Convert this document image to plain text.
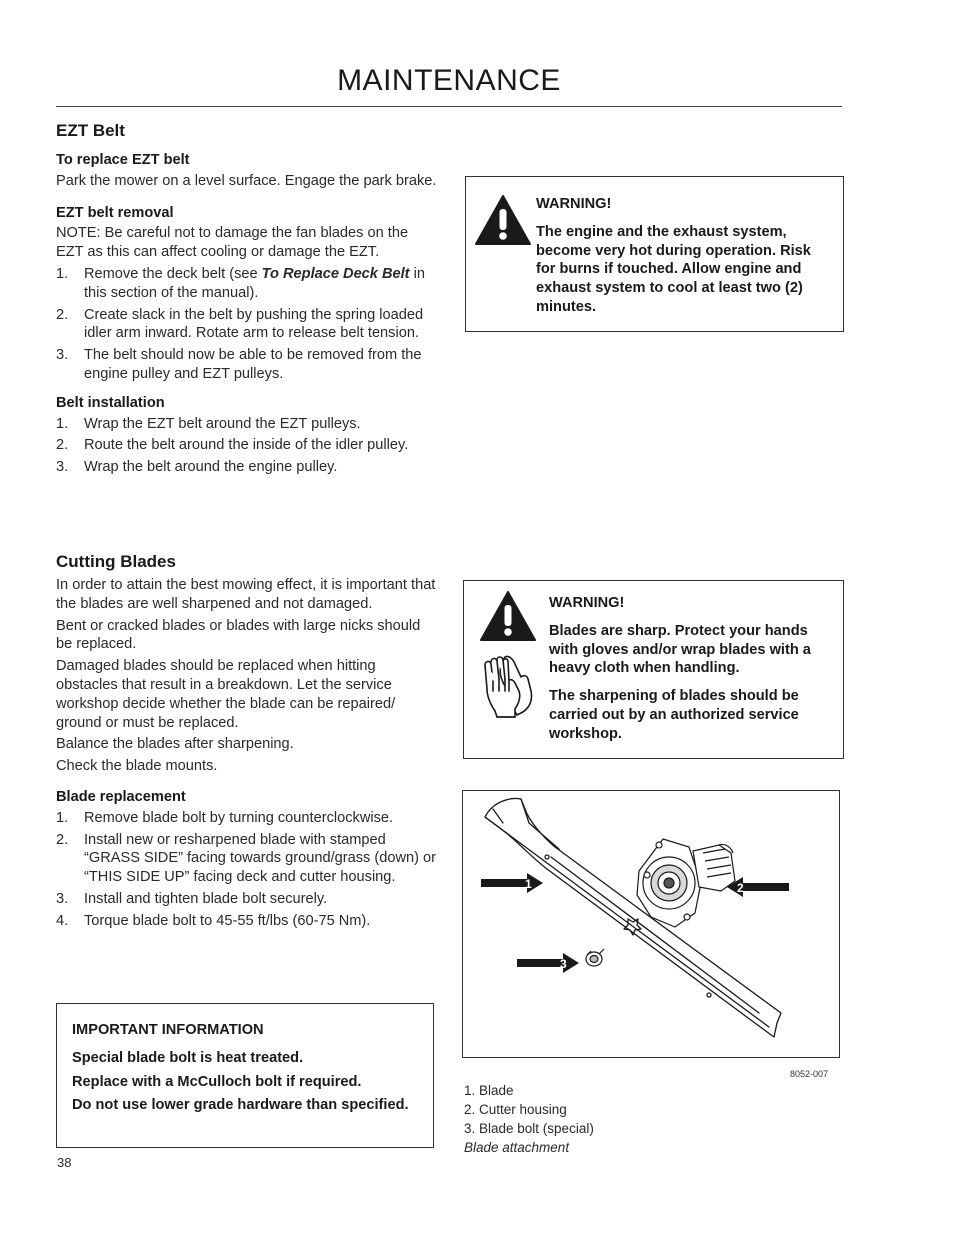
MAINTENANCE
EZT Belt
To replace EZT belt

Park the mower on a level surface. Engage the park brake.

EZT belt removal

NOTE: Be careful not to damage the fan blades on the EZT as this can affect cooling or damage the EZT.

1. Remove the deck belt (see To Replace Deck Belt in this section of the manual).
2. Create slack in the belt by pushing the spring loaded idler arm inward. Rotate arm to release belt tension.
3. The belt should now be able to be removed from the engine pulley and EZT pulleys.
Belt installation
1. Wrap the EZT belt around the EZT pulleys.
2. Route the belt around the inside of the idler pulley.
3. Wrap the belt around the engine pulley.
Cutting Blades

In order to attain the best mowing effect, it is important that the blades are well sharpened and not damaged.

Bent or cracked blades or blades with large nicks should be replaced.

Damaged blades should be replaced when hitting obstacles that result in a breakdown. Let the service workshop decide whether the blade can be repaired/ ground or must be replaced.

Balance the blades after sharpening.

Check the blade mounts.

Blade replacement
1. Remove blade bolt by turning counterclockwise.
2. Install new or resharpened blade with stamped “GRASS SIDE” facing towards ground/grass (down) or “THIS SIDE UP” facing deck and cutter housing.
3. Install and tighten blade bolt securely.
4. Torque blade bolt to 45-55 ft/lbs (60-75 Nm).

WARNING!

The engine and the exhaust system, become very hot during operation. Risk for burns if touched. Allow engine and exhaust system to cool at least two (2) minutes.

WARNING!

Blades are sharp. Protect your hands with gloves and/or wrap blades with a heavy cloth when handling.

The sharpening of blades should be carried out by an authorized service workshop.

IMPORTANT INFORMATION

Special blade bolt is heat treated.

Replace with a McCulloch bolt if required.

Do not use lower grade hardware than specified.

1	2
3
8052-007
1. Blade
2. Cutter housing
3. Blade bolt (special)
Blade attachment
38
